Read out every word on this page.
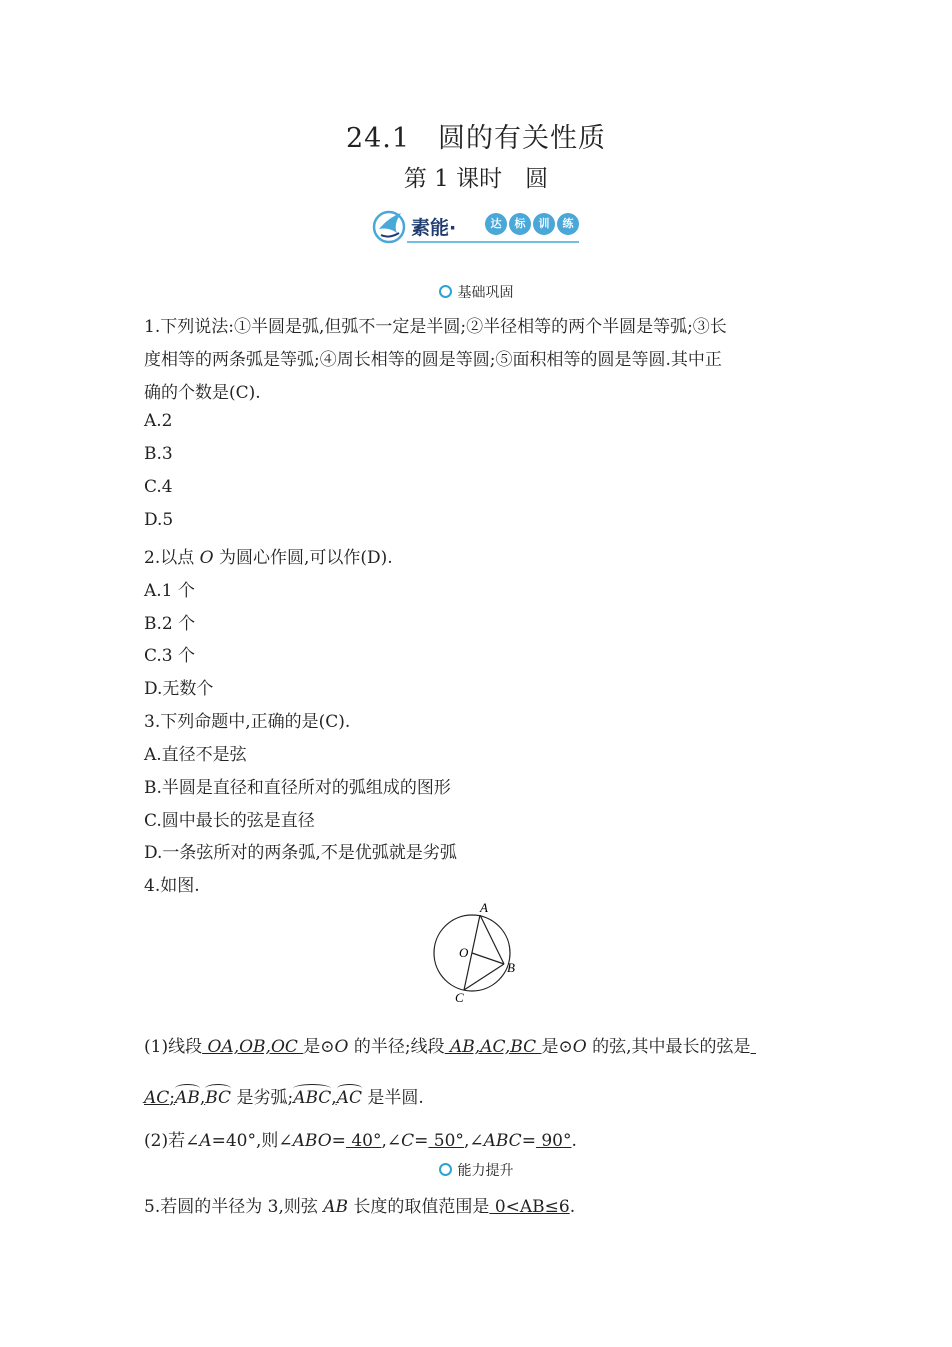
24.1　圆的有关性质
第 1 课时　圆
素能·	达	标	训	练
基础巩固
1.下列说法:①半圆是弧,但弧不一定是半圆;②半径相等的两个半圆是等弧;③长
度相等的两条弧是等弧;④周长相等的圆是等圆;⑤面积相等的圆是等圆.其中正
确的个数是(C).
A.2
B.3
C.4
D.5
2.以点 O 为圆心作圆,可以作(D).
A.1 个
B.2 个
C.3 个
D.无数个
3.下列命题中,正确的是(C).
A.直径不是弦
B.半圆是直径和直径所对的弧组成的图形
C.圆中最长的弦是直径
D.一条弦所对的两条弧,不是优弧就是劣弧
4.如图.
A
O
B
C
(1)线段 OA,OB,OC 是⊙O 的半径;线段 AB,AC,BC 是⊙O 的弦,其中最长的弦是
AC;AB,BC 是劣弧;ABC,AC 是半圆.
(2)若∠A=40°,则∠ABO= 40°,∠C= 50°,∠ABC= 90°.
能力提升
5.若圆的半径为 3,则弦 AB 长度的取值范围是 0<AB≤6.
